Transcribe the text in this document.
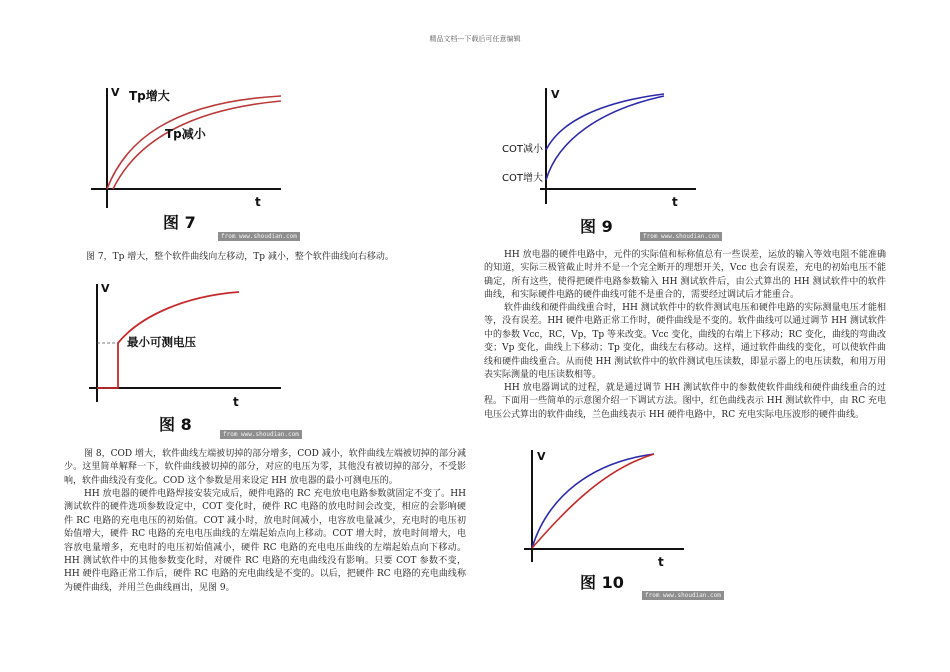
精品文档---下载后可任意编辑
V
t
Tp增大
Tp减小
图 7
from www.shoudian.com

图 7，Tp 增大，整个软件曲线向左移动，Tp 减小，整个软件曲线向右移动。

V
t
最小可测电压
图 8
from www.shoudian.com
图 8，COD 增大，软件曲线左端被切掉的部分增多，COD 减小，软件曲线左端被切掉的部分减少。这里简单解释一下，软件曲线被切掉的部分，对应的电压为零，其他没有被切掉的部分，不受影响，软件曲线没有变化。COD 这个参数是用来设定 HH 放电器的最小可测电压的。
HH 放电器的硬件电路焊接安装完成后，硬件电路的 RC 充电放电电路参数就固定不变了。HH 测试软件的硬件选项参数设定中，COT 变化时，硬件 RC 电路的放电时间会改变，相应的会影响硬件 RC 电路的充电电压的初始值。COT 减小时，放电时间减小，电容放电量减少，充电时的电压初始值增大，硬件 RC 电路的充电电压曲线的左端起始点向上移动。COT 增大时，放电时间增大，电容放电量增多，充电时的电压初始值减小，硬件 RC 电路的充电电压曲线的左端起始点向下移动。HH 测试软件中的其他参数变化时，对硬件 RC 电路的充电曲线没有影响。只要 COT 参数不变，HH 硬件电路正常工作后，硬件 RC 电路的充电曲线是不变的。以后，把硬件 RC 电路的充电曲线称为硬件曲线，并用兰色曲线画出，见图 9。
V
t
COT减小
COT增大
图 9
from www.shoudian.com
HH 放电器的硬件电路中，元件的实际值和标称值总有一些误差，运放的输入等效电阻不能准确的知道，实际三极管截止时并不是一个完全断开的理想开关，Vcc 也会有误差，充电的初始电压不能确定，所有这些，使得把硬件电路参数输入 HH 测试软件后，由公式算出的 HH 测试软件中的软件曲线，和实际硬件电路的硬件曲线可能不是重合的，需要经过调试后才能重合。
软件曲线和硬件曲线重合时，HH 测试软件中的软件测试电压和硬件电路的实际测量电压才能相等，没有误差。HH 硬件电路正常工作时，硬件曲线是不变的。软件曲线可以通过调节 HH 测试软件中的参数 Vcc，RC，Vp，Tp 等来改变。Vcc 变化，曲线的右端上下移动；RC 变化，曲线的弯曲改变；Vp 变化，曲线上下移动；Tp 变化，曲线左右移动。这样，通过软件曲线的变化，可以使软件曲线和硬件曲线重合。从而使 HH 测试软件中的软件测试电压读数，即显示器上的电压读数，和用万用表实际测量的电压读数相等。
HH 放电器调试的过程，就是通过调节 HH 测试软件中的参数使软件曲线和硬件曲线重合的过程。下面用一些简单的示意图介绍一下调试方法。图中，红色曲线表示 HH 测试软件中，由 RC 充电电压公式算出的软件曲线，兰色曲线表示 HH 硬件电路中，RC 充电实际电压波形的硬件曲线。
V
t
图 10
from www.shoudian.com
